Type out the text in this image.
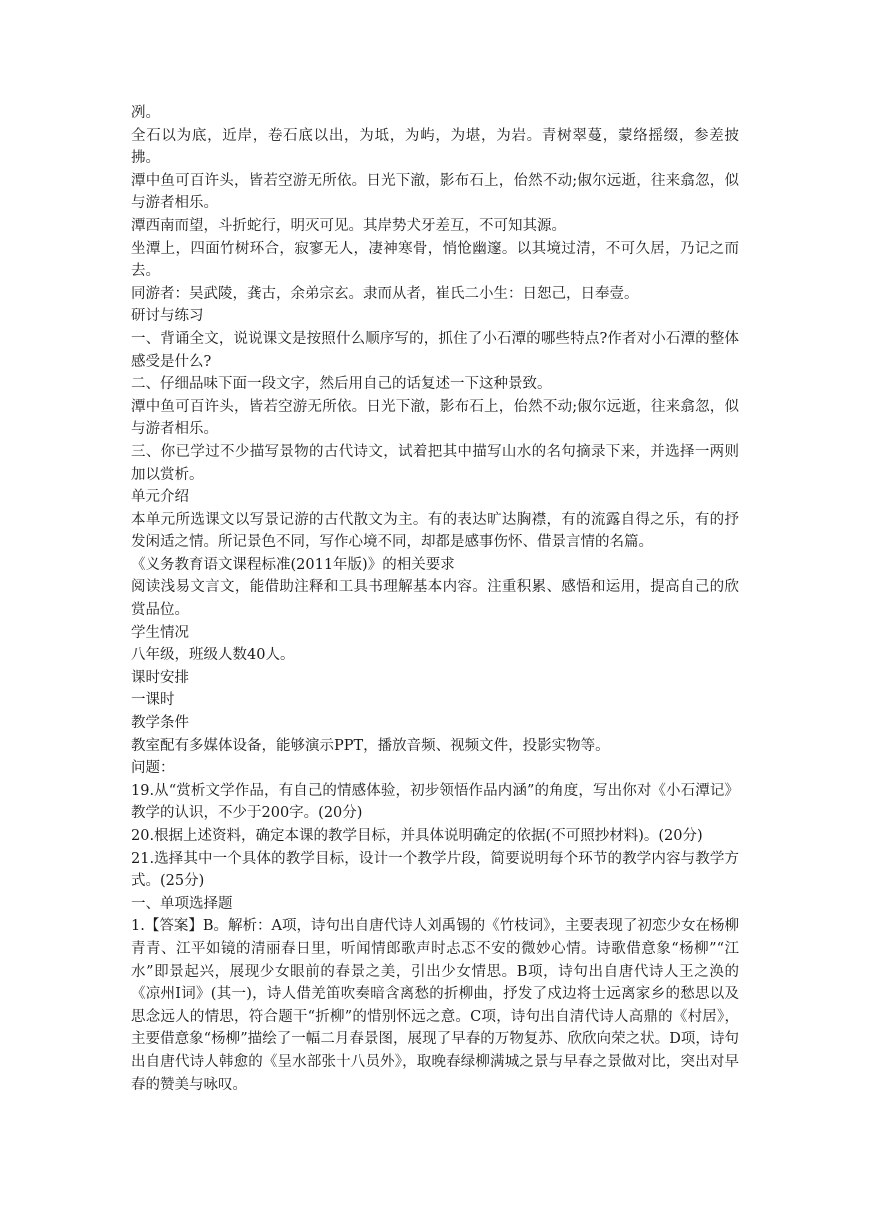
冽。

全石以为底，近岸，卷石底以出，为坻，为屿，为堪，为岩。青树翠蔓，蒙络摇缀，参差披拂。

潭中鱼可百许头，皆若空游无所依。日光下澈，影布石上，佁然不动;俶尔远逝，往来翕忽，似与游者相乐。

潭西南而望，斗折蛇行，明灭可见。其岸势犬牙差互，不可知其源。

坐潭上，四面竹树环合，寂寥无人，凄神寒骨，悄怆幽邃。以其境过清，不可久居，乃记之而去。

同游者：吴武陵，龚古，余弟宗玄。隶而从者，崔氏二小生：日恕己，日奉壹。

研讨与练习

一、背诵全文，说说课文是按照什么顺序写的，抓住了小石潭的哪些特点?作者对小石潭的整体感受是什么?

二、仔细品味下面一段文字，然后用自己的话复述一下这种景致。

潭中鱼可百许头，皆若空游无所依。日光下澈，影布石上，佁然不动;俶尔远逝，往来翕忽，似与游者相乐。

三、你已学过不少描写景物的古代诗文，试着把其中描写山水的名句摘录下来，并选择一两则加以赏析。

单元介绍

本单元所选课文以写景记游的古代散文为主。有的表达旷达胸襟，有的流露自得之乐，有的抒发闲适之情。所记景色不同，写作心境不同，却都是感事伤怀、借景言情的名篇。

《义务教育语文课程标准(2011年版)》的相关要求

阅读浅易文言文，能借助注释和工具书理解基本内容。注重积累、感悟和运用，提高自己的欣赏品位。

学生情况

八年级，班级人数40人。

课时安排

一课时

教学条件

教室配有多媒体设备，能够演示PPT，播放音频、视频文件，投影实物等。

问题：

19.从“赏析文学作品，有自己的情感体验，初步领悟作品内涵”的角度，写出你对《小石潭记》教学的认识，不少于200字。(20分)

20.根据上述资料，确定本课的教学目标，并具体说明确定的依据(不可照抄材料)。(20分)

21.选择其中一个具体的教学目标，设计一个教学片段，简要说明每个环节的教学内容与教学方式。(25分)

一、单项选择题

1.【答案】B。解析：A项，诗句出自唐代诗人刘禹锡的《竹枝词》，主要表现了初恋少女在杨柳青青、江平如镜的清丽春日里，听闻情郎歌声时忐忑不安的微妙心情。诗歌借意象“杨柳”“江水”即景起兴，展现少女眼前的春景之美，引出少女情思。B项，诗句出自唐代诗人王之涣的《凉州I词》(其一)，诗人借羌笛吹奏暗含离愁的折柳曲，抒发了戍边将士远离家乡的愁思以及思念远人的情思，符合题干“折柳”的惜别怀远之意。C项，诗句出自清代诗人高鼎的《村居》，主要借意象“杨柳”描绘了一幅二月春景图，展现了早春的万物复苏、欣欣向荣之状。D项，诗句出自唐代诗人韩愈的《呈水部张十八员外》，取晚春绿柳满城之景与早春之景做对比，突出对早春的赞美与咏叹。
